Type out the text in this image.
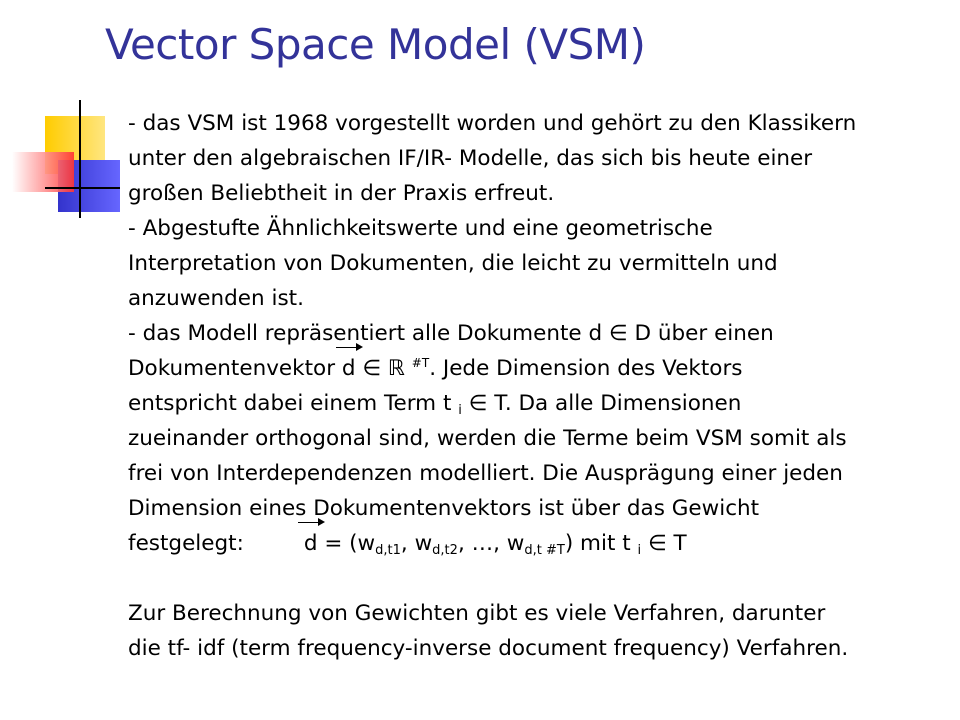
Vector Space Model (VSM)
- das VSM ist 1968 vorgestellt worden und gehört zu den Klassikern
unter den algebraischen IF/IR- Modelle, das sich bis heute einer
großen Beliebtheit in der Praxis erfreut.
- Abgestufte Ähnlichkeitswerte und eine geometrische
Interpretation von Dokumenten, die leicht zu vermitteln und
anzuwenden ist.
- das Modell repräsentiert alle Dokumente d ∈ D über einen
Dokumentenvektor d ∈ ℝ $^{\#T}$. Jede Dimension des Vektors
entspricht dabei einem Term t $_i$ ∈ T. Da alle Dimensionen
zueinander orthogonal sind, werden die Terme beim VSM somit als
frei von Interdependenzen modelliert. Die Ausprägung einer jeden
Dimension eines Dokumentenvektors ist über das Gewicht
festgelegt:	$d = (w_{d,t1}$, $w_{d,t2}$, …, $w_{d,t \#T}$) mit t $_i$ ∈ T
Zur Berechnung von Gewichten gibt es viele Verfahren, darunter
die tf- idf (term frequency-inverse document frequency) Verfahren.
